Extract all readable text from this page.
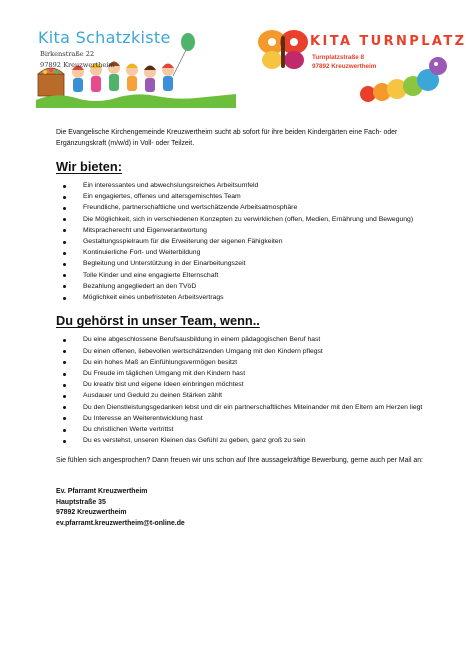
Kita Schatzkiste
Birkenstraße 22
97892 Kreuzwertheim
KITA TURNPLATZ
Turnplatzstraße 8
97892 Kreuzwertheim

Die Evangelische Kirchengemeinde Kreuzwertheim sucht ab sofort für ihre beiden Kindergärten eine Fach- oder Ergänzungskraft (m/w/d) in Voll- oder Teilzeit.

Wir bieten:
Ein interessantes und abwechslungsreiches Arbeitsumfeld
Ein engagiertes, offenes und altersgemischtes Team
Freundliche, partnerschaftliche und wertschätzende Arbeitsatmosphäre
Die Möglichkeit, sich in verschiedenen Konzepten zu verwirklichen (offen, Medien, Ernährung und Bewegung)
Mitspracherecht und Eigenverantwortung
Gestaltungsspielraum für die Erweiterung der eigenen Fähigkeiten
Kontinuierliche Fort- und Weiterbildung
Begleitung und Unterstützung in der Einarbeitungszeit
Tolle Kinder und eine engagierte Elternschaft
Bezahlung angegliedert an den TVöD
Möglichkeit eines unbefristeten Arbeitsvertrags
Du gehörst in unser Team, wenn..
Du eine abgeschlossene Berufsausbildung in einem pädagogischen Beruf hast
Du einen offenen, liebevollen wertschätzenden Umgang mit den Kindern pflegst
Du ein hohes Maß an Einfühlungsvermögen besitzt
Du Freude im täglichen Umgang mit den Kindern hast
Du kreativ bist und eigene Ideen einbringen möchtest
Ausdauer und Geduld zu deinen Stärken zählt
Du den Dienstleistungsgedanken lebst und dir ein partnerschaftliches Miteinander mit den Eltern am Herzen liegt
Du Interesse an Weiterentwicklung hast
Du christlichen Werte vertrittst
Du es verstehst, unseren Kleinen das Gefühl zu geben, ganz groß zu sein

Sie fühlen sich angesprochen? Dann freuen wir uns schon auf Ihre aussagekräftige Bewerbung, gerne auch per Mail an:

Ev. Pfarramt Kreuzwertheim
Hauptstraße 35
97892 Kreuzwertheim
ev.pfarramt.kreuzwertheim@t-online.de
